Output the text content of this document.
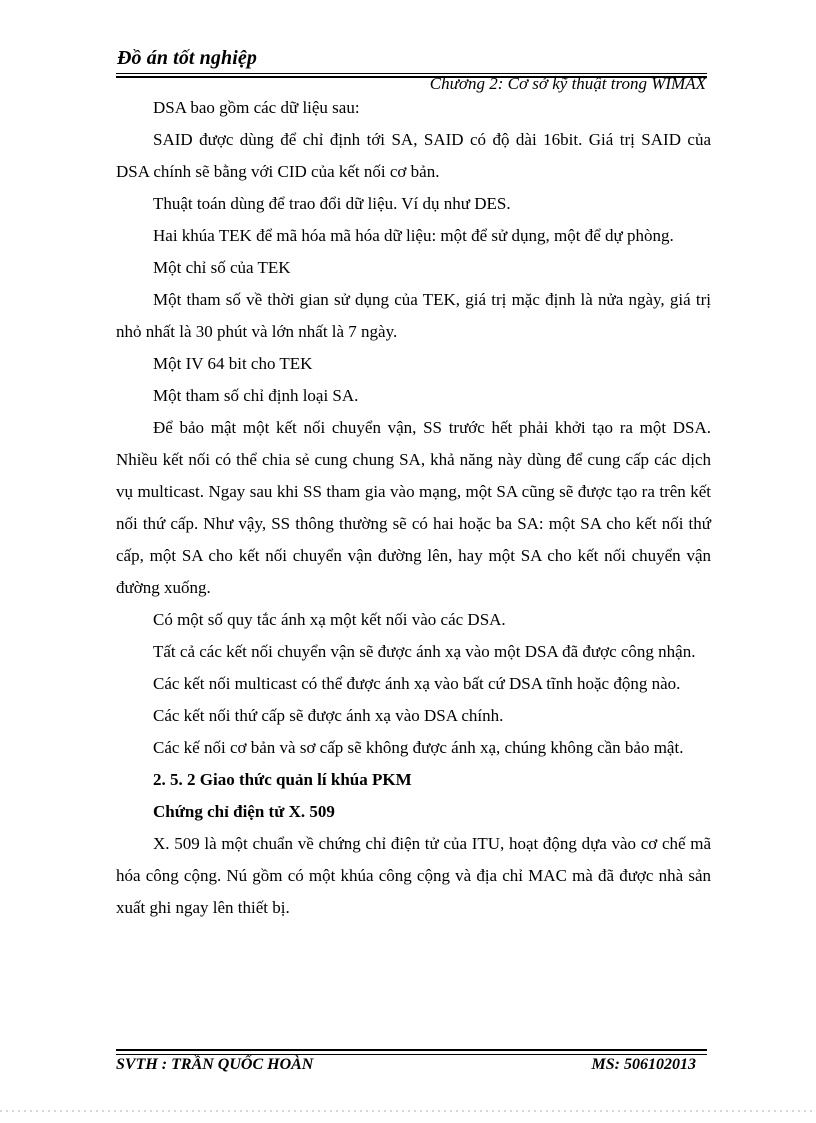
Đồ án tốt nghiệp
Chương 2: Cơ sở kỹ thuật trong WIMAX

DSA bao gồm các dữ liệu sau:

SAID được dùng để chỉ định tới SA, SAID có độ dài 16bit. Giá trị SAID của DSA chính sẽ bằng với CID của kết nối cơ bản.

Thuật toán dùng để trao đổi dữ liệu. Ví dụ như DES.

Hai khúa TEK để mã hóa mã hóa dữ liệu: một để sử dụng, một để dự phòng.

Một chỉ số của TEK

Một tham số về thời gian sử dụng của TEK, giá trị mặc định là nửa ngày, giá trị nhỏ nhất là 30 phút và lớn nhất là 7 ngày.

Một IV 64 bit cho TEK

Một tham số chỉ định loại SA.

Để bảo mật một kết nối chuyển vận, SS trước hết phải khởi tạo ra một DSA. Nhiều kết nối có thể chia sẻ cung chung SA, khả năng này dùng để cung cấp các dịch vụ multicast. Ngay sau khi SS tham gia vào mạng, một SA cũng sẽ được tạo ra trên kết nối thứ cấp. Như vậy, SS thông thường sẽ có hai hoặc ba SA: một SA cho kết nối thứ cấp, một SA cho kết nối chuyển vận đường lên, hay một SA cho kết nối chuyển vận đường xuống.

Có một số quy tắc ánh xạ một kết nối vào các DSA.

Tất cả các kết nối chuyển vận sẽ được ánh xạ vào một DSA đã được công nhận.

Các kết nối multicast có thể được ánh xạ vào bất cứ DSA tĩnh hoặc động nào.

Các kết nối thứ cấp sẽ được ánh xạ vào DSA chính.

Các kế nối cơ bản và sơ cấp sẽ không được ánh xạ, chúng không cần bảo mật.

2. 5. 2 Giao thức quản lí khúa PKM

Chứng chỉ điện tử X. 509

X. 509 là một chuẩn về chứng chỉ điện tử của ITU, hoạt động dựa vào cơ chế mã hóa công cộng. Nú gồm có một khúa công cộng và địa chỉ MAC mà đã được nhà sản xuất ghi ngay lên thiết bị.

SVTH : TRẦN QUỐC HOÀN	MS: 506102013
